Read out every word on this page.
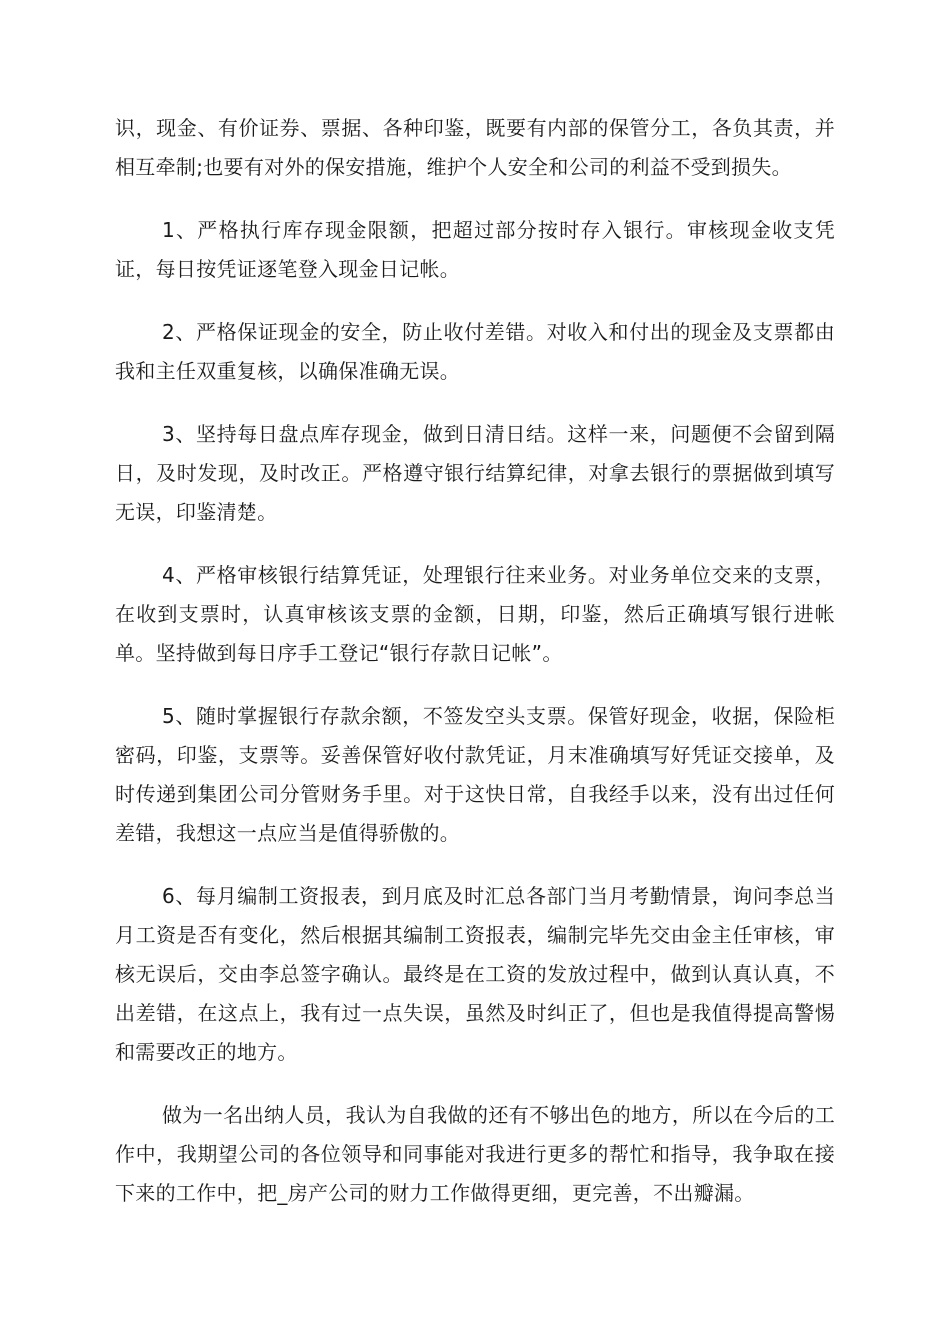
识，现金、有价证券、票据、各种印鉴，既要有内部的保管分工，各负其责，并相互牵制;也要有对外的保安措施，维护个人安全和公司的利益不受到损失。

1、严格执行库存现金限额，把超过部分按时存入银行。审核现金收支凭证，每日按凭证逐笔登入现金日记帐。

2、严格保证现金的安全，防止收付差错。对收入和付出的现金及支票都由我和主任双重复核，以确保准确无误。

3、坚持每日盘点库存现金，做到日清日结。这样一来，问题便不会留到隔日，及时发现，及时改正。严格遵守银行结算纪律，对拿去银行的票据做到填写无误，印鉴清楚。

4、严格审核银行结算凭证，处理银行往来业务。对业务单位交来的支票，在收到支票时，认真审核该支票的金额，日期，印鉴，然后正确填写银行进帐单。坚持做到每日序手工登记“银行存款日记帐”。

5、随时掌握银行存款余额，不签发空头支票。保管好现金，收据，保险柜密码，印鉴，支票等。妥善保管好收付款凭证，月末准确填写好凭证交接单，及时传递到集团公司分管财务手里。对于这快日常，自我经手以来，没有出过任何差错，我想这一点应当是值得骄傲的。

6、每月编制工资报表，到月底及时汇总各部门当月考勤情景，询问李总当月工资是否有变化，然后根据其编制工资报表，编制完毕先交由金主任审核，审核无误后，交由李总签字确认。最终是在工资的发放过程中，做到认真认真，不出差错，在这点上，我有过一点失误，虽然及时纠正了，但也是我值得提高警惕和需要改正的地方。

做为一名出纳人员，我认为自我做的还有不够出色的地方，所以在今后的工作中，我期望公司的各位领导和同事能对我进行更多的帮忙和指导，我争取在接下来的工作中，把_房产公司的财力工作做得更细，更完善，不出瓣漏。
